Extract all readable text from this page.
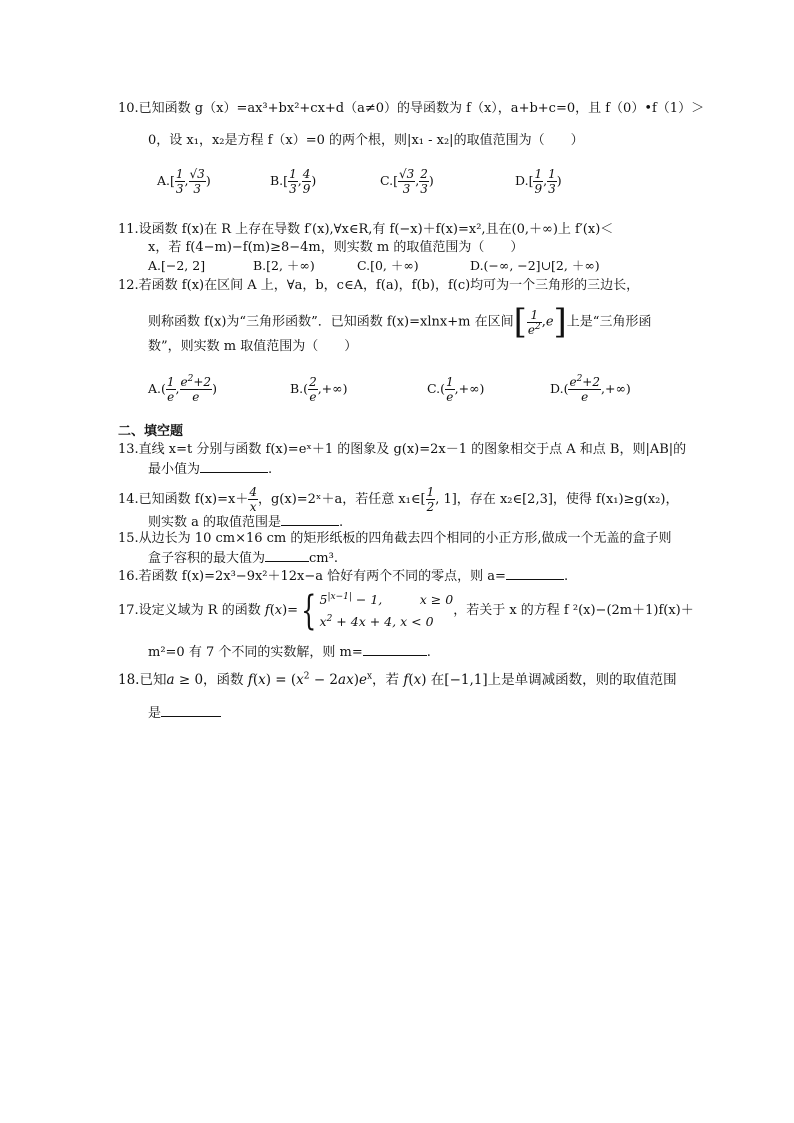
10.已知函数 g（x）=ax³+bx²+cx+d（a≠0）的导函数为 f（x），a+b+c=0，且 f（0）•f（1）＞
0，设 x₁，x₂是方程 f（x）=0 的两个根，则|x₁ - x₂|的取值范围为（　　）
$A.[ \frac{1}{3}$ , $\frac{√3}{3}$ )	$B.[ \frac{1}{3}$ , $\frac{4}{9}$ )	$C.[ \frac{√3}{3}$ , $\frac{2}{3}$ )	$D.[ \frac{1}{9}$ , $\frac{1}{3}$ )
11.设函数 f(x)在 R 上存在导数 f′(x),∀x∈R,有 f(−x)＋f(x)=x²,且在(0,＋∞)上 f′(x)＜
x，若 f(4−m)−f(m)≥8−4m，则实数 m 的取值范围为（　　）
A.[−2, 2]	B.[2, ＋∞)	C.[0, ＋∞)	D.(−∞, −2]∪[2, ＋∞)
12.若函数 f(x)在区间 A 上，∀a，b，c∈A，f(a)，f(b)，f(c)均可为一个三角形的三边长，
则称函数 f(x)为“三角形函数”．已知函数 f(x)=xlnx+m 在区间[ $\frac{1}{e^2} ,e$]上是“三角形函
数”，则实数 m 取值范围为（　　）
$A.( \frac{1}{e}$ , $\frac{e^2+2}{e}$ )	$B.( \frac{2}{e}$ ,+∞)	$C.( \frac{1}{e}$ ,+∞)	$D.( \frac{e^2+2}{e}$ ,+∞)
二、填空题
13.直线 x=t 分别与函数 f(x)=eˣ＋1 的图象及 g(x)=2x－1 的图象相交于点 A 和点 B，则|AB|的
最小值为	.
14.已知函数 $f(x)=x+ \frac{4}{x}$ ，g(x)=2ˣ＋a，若任意 x₁∈[ $\frac{1}{2}$ , 1]，存在 x₂∈[2,3]，使得 f(x₁)≥g(x₂)，
则实数 a 的取值范围是	.
15.从边长为 10 cm×16 cm 的矩形纸板的四角截去四个相同的小正方形,做成一个无盖的盒子则
盒子容积的最大值为	cm³.
16.若函数 f(x)=2x³−9x²＋12x−a 恰好有两个不同的零点，则 a=	.
17.设定义域为 R 的函数 f(x)={ $5^{|x-1|} - 1$,　　　x ≥ 0
$x^2 + 4x + 4$, x < 0
，若关于 x 的方程 f ²(x)−(2m＋1)f(x)＋
m²=0 有 7 个不同的实数解，则 m=	.
18.已知a ≥ 0，函数 $f(x) = (x^2 - 2ax)e^x$，若 f(x) 在[−1,1]上是单调减函数，则的取值范围
是
